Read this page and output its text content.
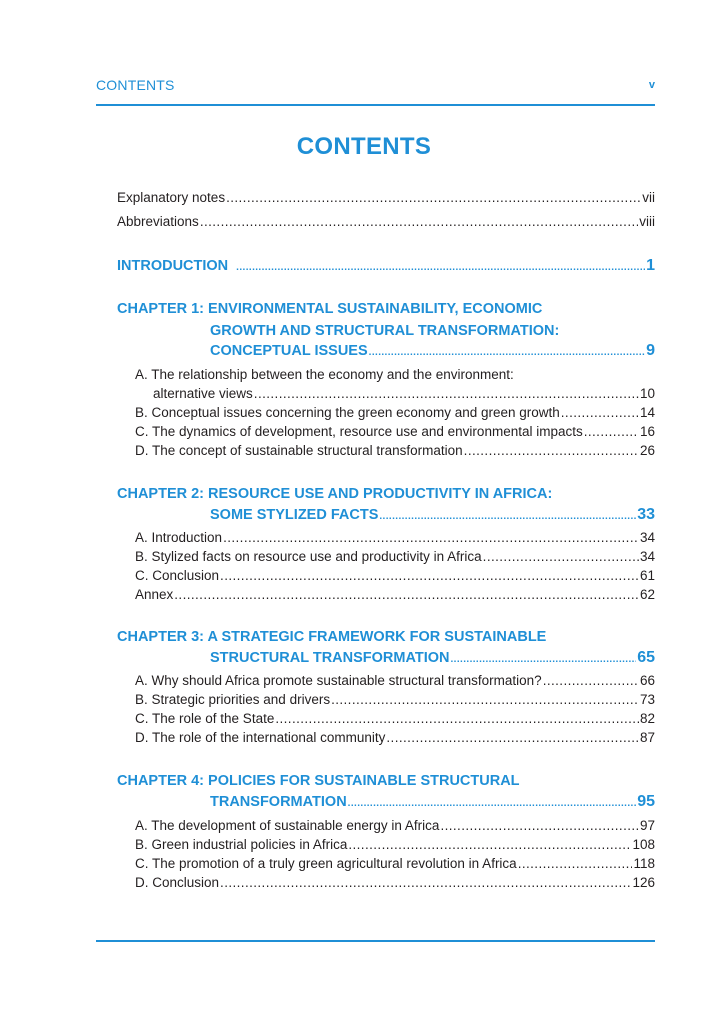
CONTENTS	v
CONTENTS
Explanatory notes .....	vii
Abbreviations .....	viii
INTRODUCTION .....	1
CHAPTER 1: ENVIRONMENTAL SUSTAINABILITY, ECONOMIC
GROWTH AND STRUCTURAL TRANSFORMATION:
CONCEPTUAL ISSUES .....	9
A. The relationship between the economy and the environment:
alternative views .....	10
B. Conceptual issues concerning the green economy and green growth .....	14
C. The dynamics of development, resource use and environmental impacts .....	16
D. The concept of sustainable structural transformation .....	26
CHAPTER 2: RESOURCE USE AND PRODUCTIVITY IN AFRICA:
SOME STYLIZED FACTS .....	33
A. Introduction .....	34
B. Stylized facts on resource use and productivity in Africa .....	34
C. Conclusion .....	61
Annex .....	62
CHAPTER 3: A STRATEGIC FRAMEWORK FOR SUSTAINABLE
STRUCTURAL TRANSFORMATION .....	65
A. Why should Africa promote sustainable structural transformation? .....	66
B. Strategic priorities and drivers .....	73
C. The role of the State .....	82
D. The role of the international community .....	87
CHAPTER 4: POLICIES FOR SUSTAINABLE STRUCTURAL
TRANSFORMATION .....	95
A. The development of sustainable energy in Africa .....	97
B. Green industrial policies in Africa .....	108
C. The promotion of a truly green agricultural revolution in Africa .....	118
D. Conclusion .....	126
